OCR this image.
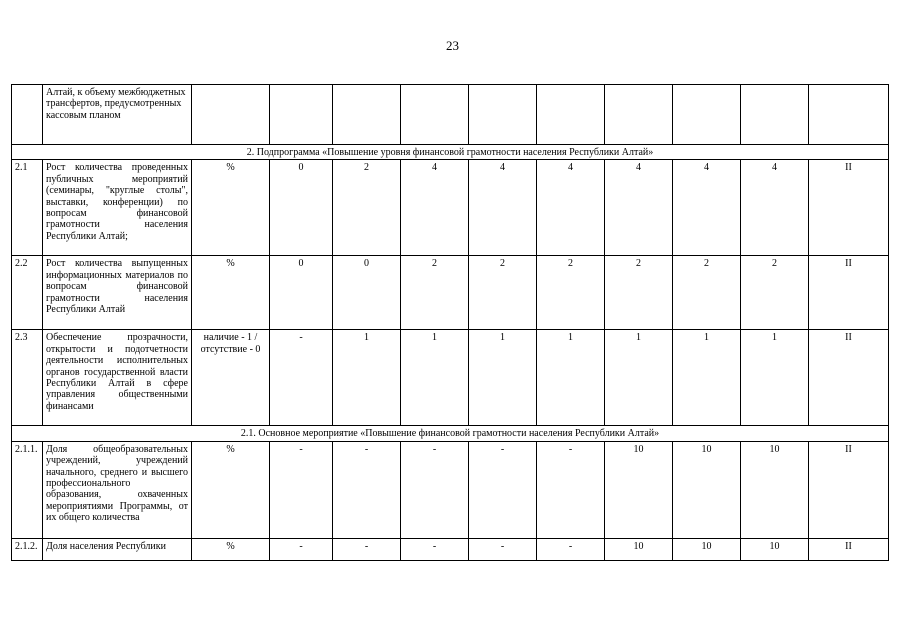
23
	Алтай, к объему межбюджетных трансфертов, предусмотренных кассовым планом										

2. Подпрограмма «Повышение уровня финансовой грамотности населения Республики Алтай»											

2.1	Рост количества проведенных публичных мероприятий (семинары, "круглые столы", выставки, конференции) по вопросам финансовой грамотности населения Республики Алтай;	%	0	2	4	4	4	4	4	4	II
2.2	Рост количества выпущенных информационных материалов по вопросам финансовой грамотности населения Республики Алтай	%	0	0	2	2	2	2	2	2	II
2.3	Обеспечение прозрачности, открытости и подотчетности деятельности исполнительных органов государственной власти Республики Алтай в сфере управления общественными финансами	наличие - 1 / отсутствие - 0	-	1	1	1	1	1	1	1	II

2.1. Основное мероприятие «Повышение финансовой грамотности населения Республики Алтай»											

2.1.1.	Доля общеобразовательных учреждений, учреждений начального, среднего и высшего профессионального образования, охваченных мероприятиями Программы, от их общего количества	%	-	-	-	-	-	10	10	10	II
2.1.2.	Доля населения Республики	%	-	-	-	-	-	10	10	10	II
